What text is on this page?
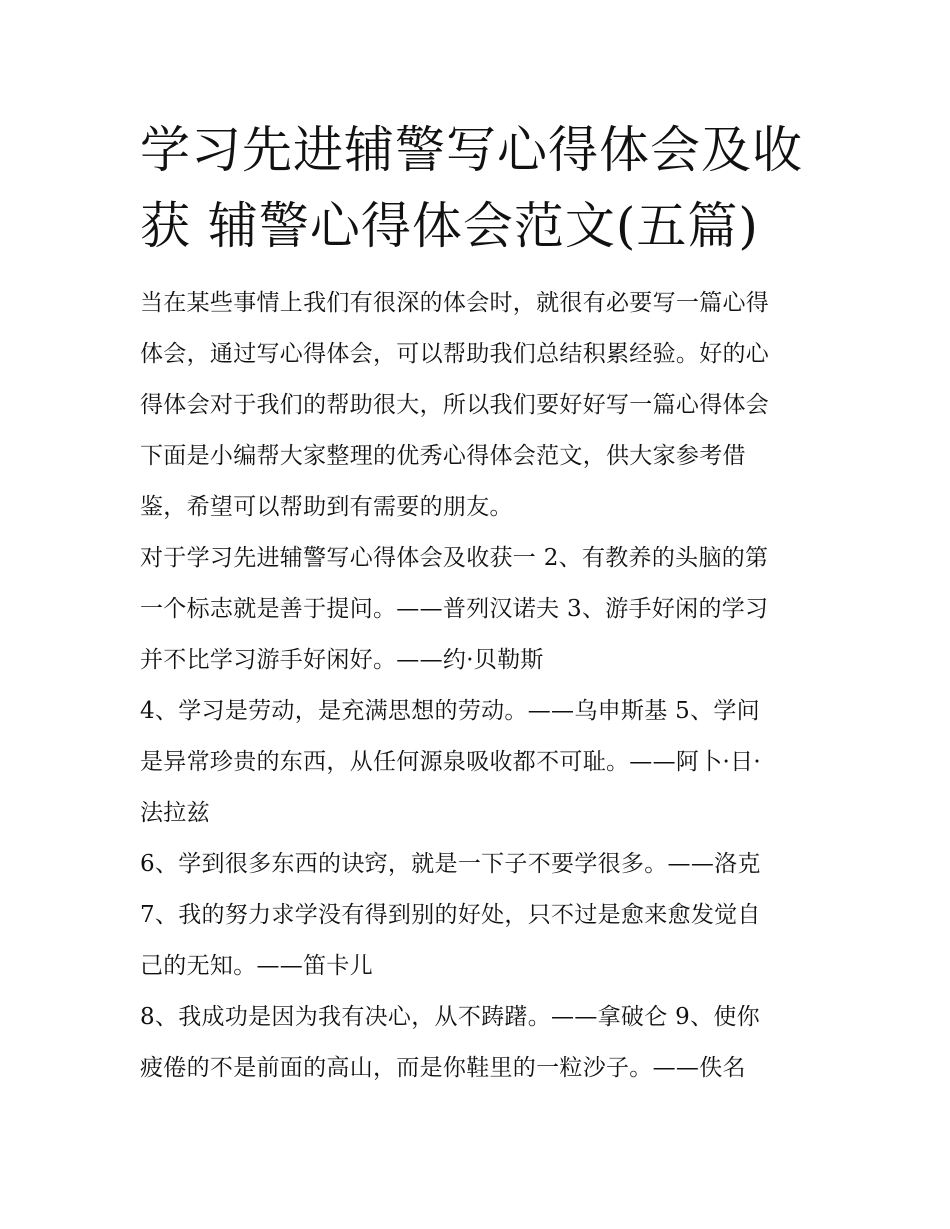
学习先进辅警写心得体会及收
获 辅警心得体会范文(五篇)
当在某些事情上我们有很深的体会时，就很有必要写一篇心得
体会，通过写心得体会，可以帮助我们总结积累经验。好的心
得体会对于我们的帮助很大，所以我们要好好写一篇心得体会
下面是小编帮大家整理的优秀心得体会范文，供大家参考借
鉴，希望可以帮助到有需要的朋友。
对于学习先进辅警写心得体会及收获一 2、有教养的头脑的第
一个标志就是善于提问。——普列汉诺夫 3、游手好闲的学习
并不比学习游手好闲好。——约·贝勒斯
4、学习是劳动，是充满思想的劳动。——乌申斯基 5、学问
是异常珍贵的东西，从任何源泉吸收都不可耻。——阿卜·日·
法拉兹
6、学到很多东西的诀窍，就是一下子不要学很多。——洛克
7、我的努力求学没有得到别的好处，只不过是愈来愈发觉自
己的无知。——笛卡儿
8、我成功是因为我有决心，从不踌躇。——拿破仑 9、使你
疲倦的不是前面的高山，而是你鞋里的一粒沙子。——佚名
